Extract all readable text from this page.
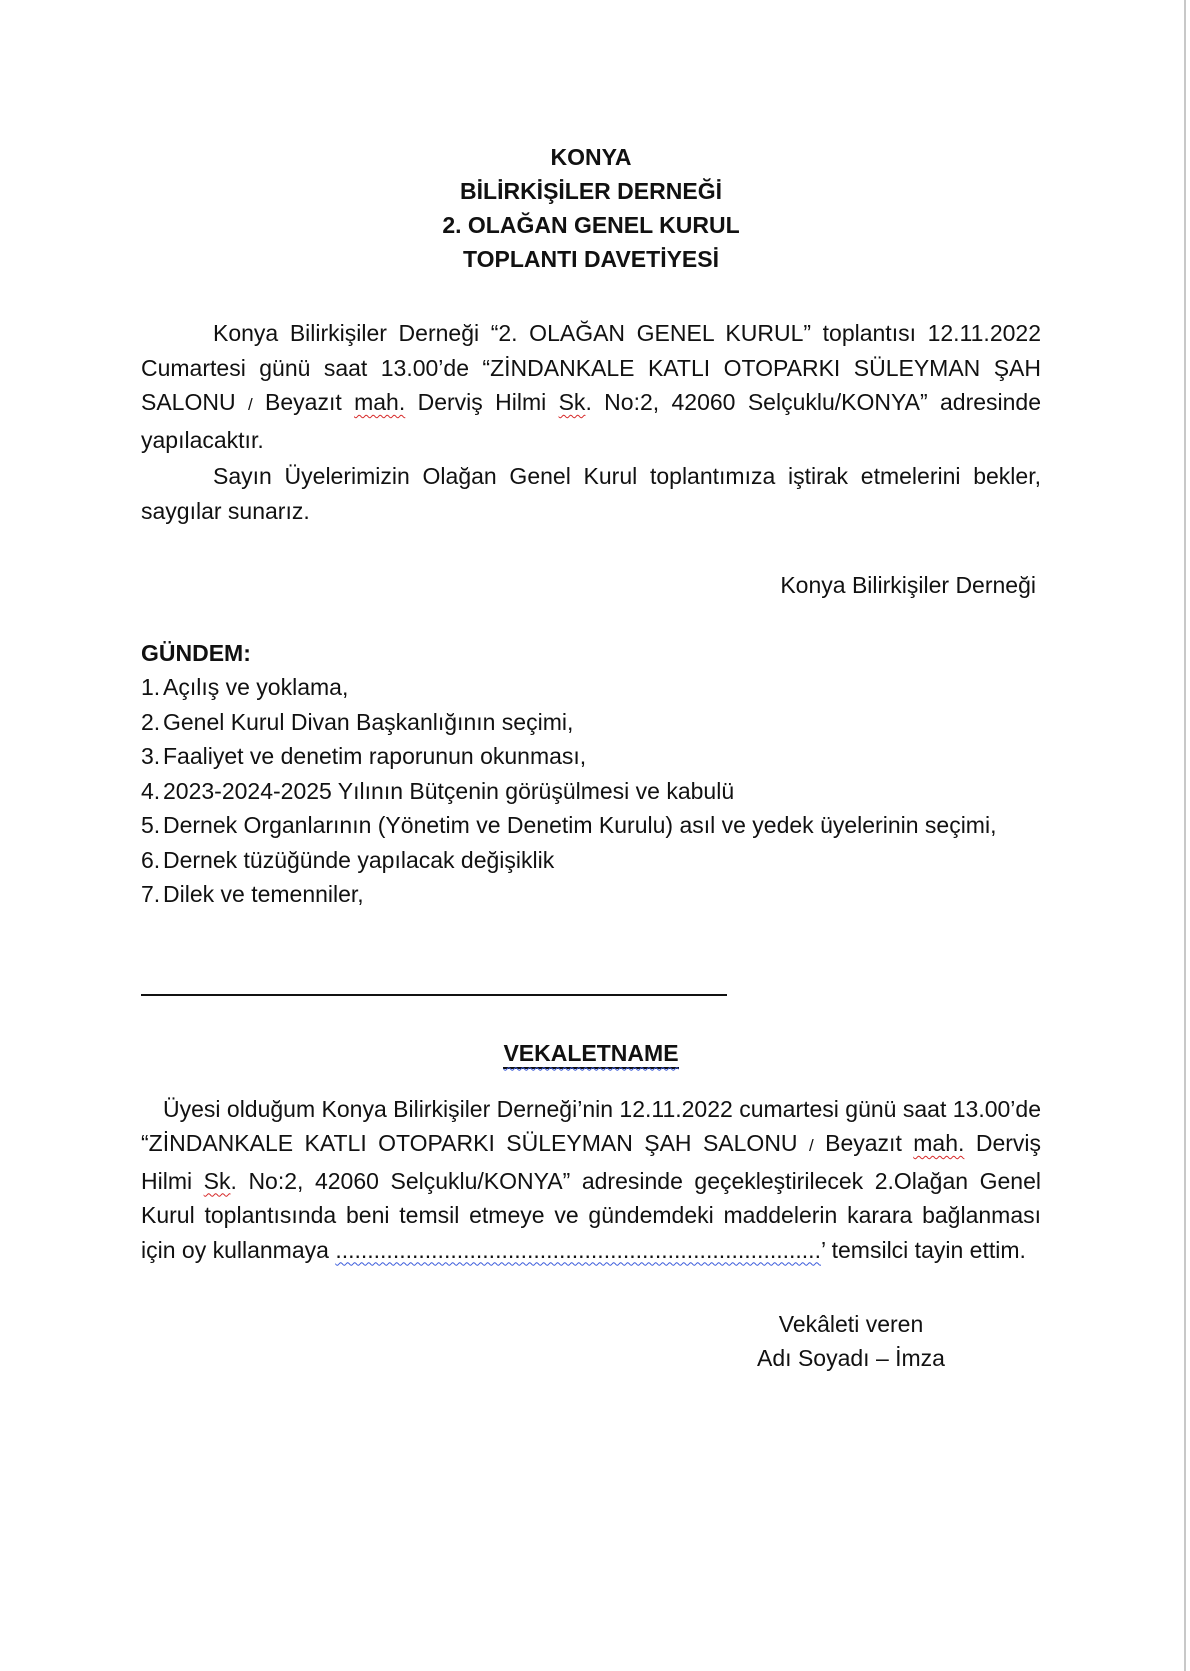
KONYA
BİLİRKİŞİLER DERNEĞİ
2. OLAĞAN GENEL KURUL
TOPLANTI DAVETİYESİ

Konya Bilirkişiler Derneği “2. OLAĞAN GENEL KURUL” toplantısı 12.11.2022 Cumartesi günü saat 13.00’de “ZİNDANKALE KATLI OTOPARKI SÜLEYMAN ŞAH SALONU / Beyazıt mah. Derviş Hilmi Sk. No:2, 42060 Selçuklu/KONYA” adresinde yapılacaktır.

Sayın Üyelerimizin Olağan Genel Kurul toplantımıza iştirak etmelerini bekler, saygılar sunarız.

Konya Bilirkişiler Derneği
GÜNDEM:
1. Açılış ve yoklama,
2. Genel Kurul Divan Başkanlığının seçimi,
3. Faaliyet ve denetim raporunun okunması,
4. 2023-2024-2025 Yılının Bütçenin görüşülmesi ve kabulü
5. Dernek Organlarının (Yönetim ve Denetim Kurulu) asıl ve yedek üyelerinin seçimi,
6. Dernek tüzüğünde yapılacak değişiklik
7. Dilek ve temenniler,
VEKALETNAME

Üyesi olduğum Konya Bilirkişiler Derneği’nin 12.11.2022 cumartesi günü saat 13.00’de “ZİNDANKALE KATLI OTOPARKI SÜLEYMAN ŞAH SALONU / Beyazıt mah. Derviş Hilmi Sk. No:2, 42060 Selçuklu/KONYA” adresinde geçekleştirilecek 2.Olağan Genel Kurul toplantısında beni temsil etmeye ve gündemdeki maddelerin karara bağlanması için oy kullanmaya ............................................................................’ temsilci tayin ettim.

Vekâleti veren
Adı Soyadı – İmza
